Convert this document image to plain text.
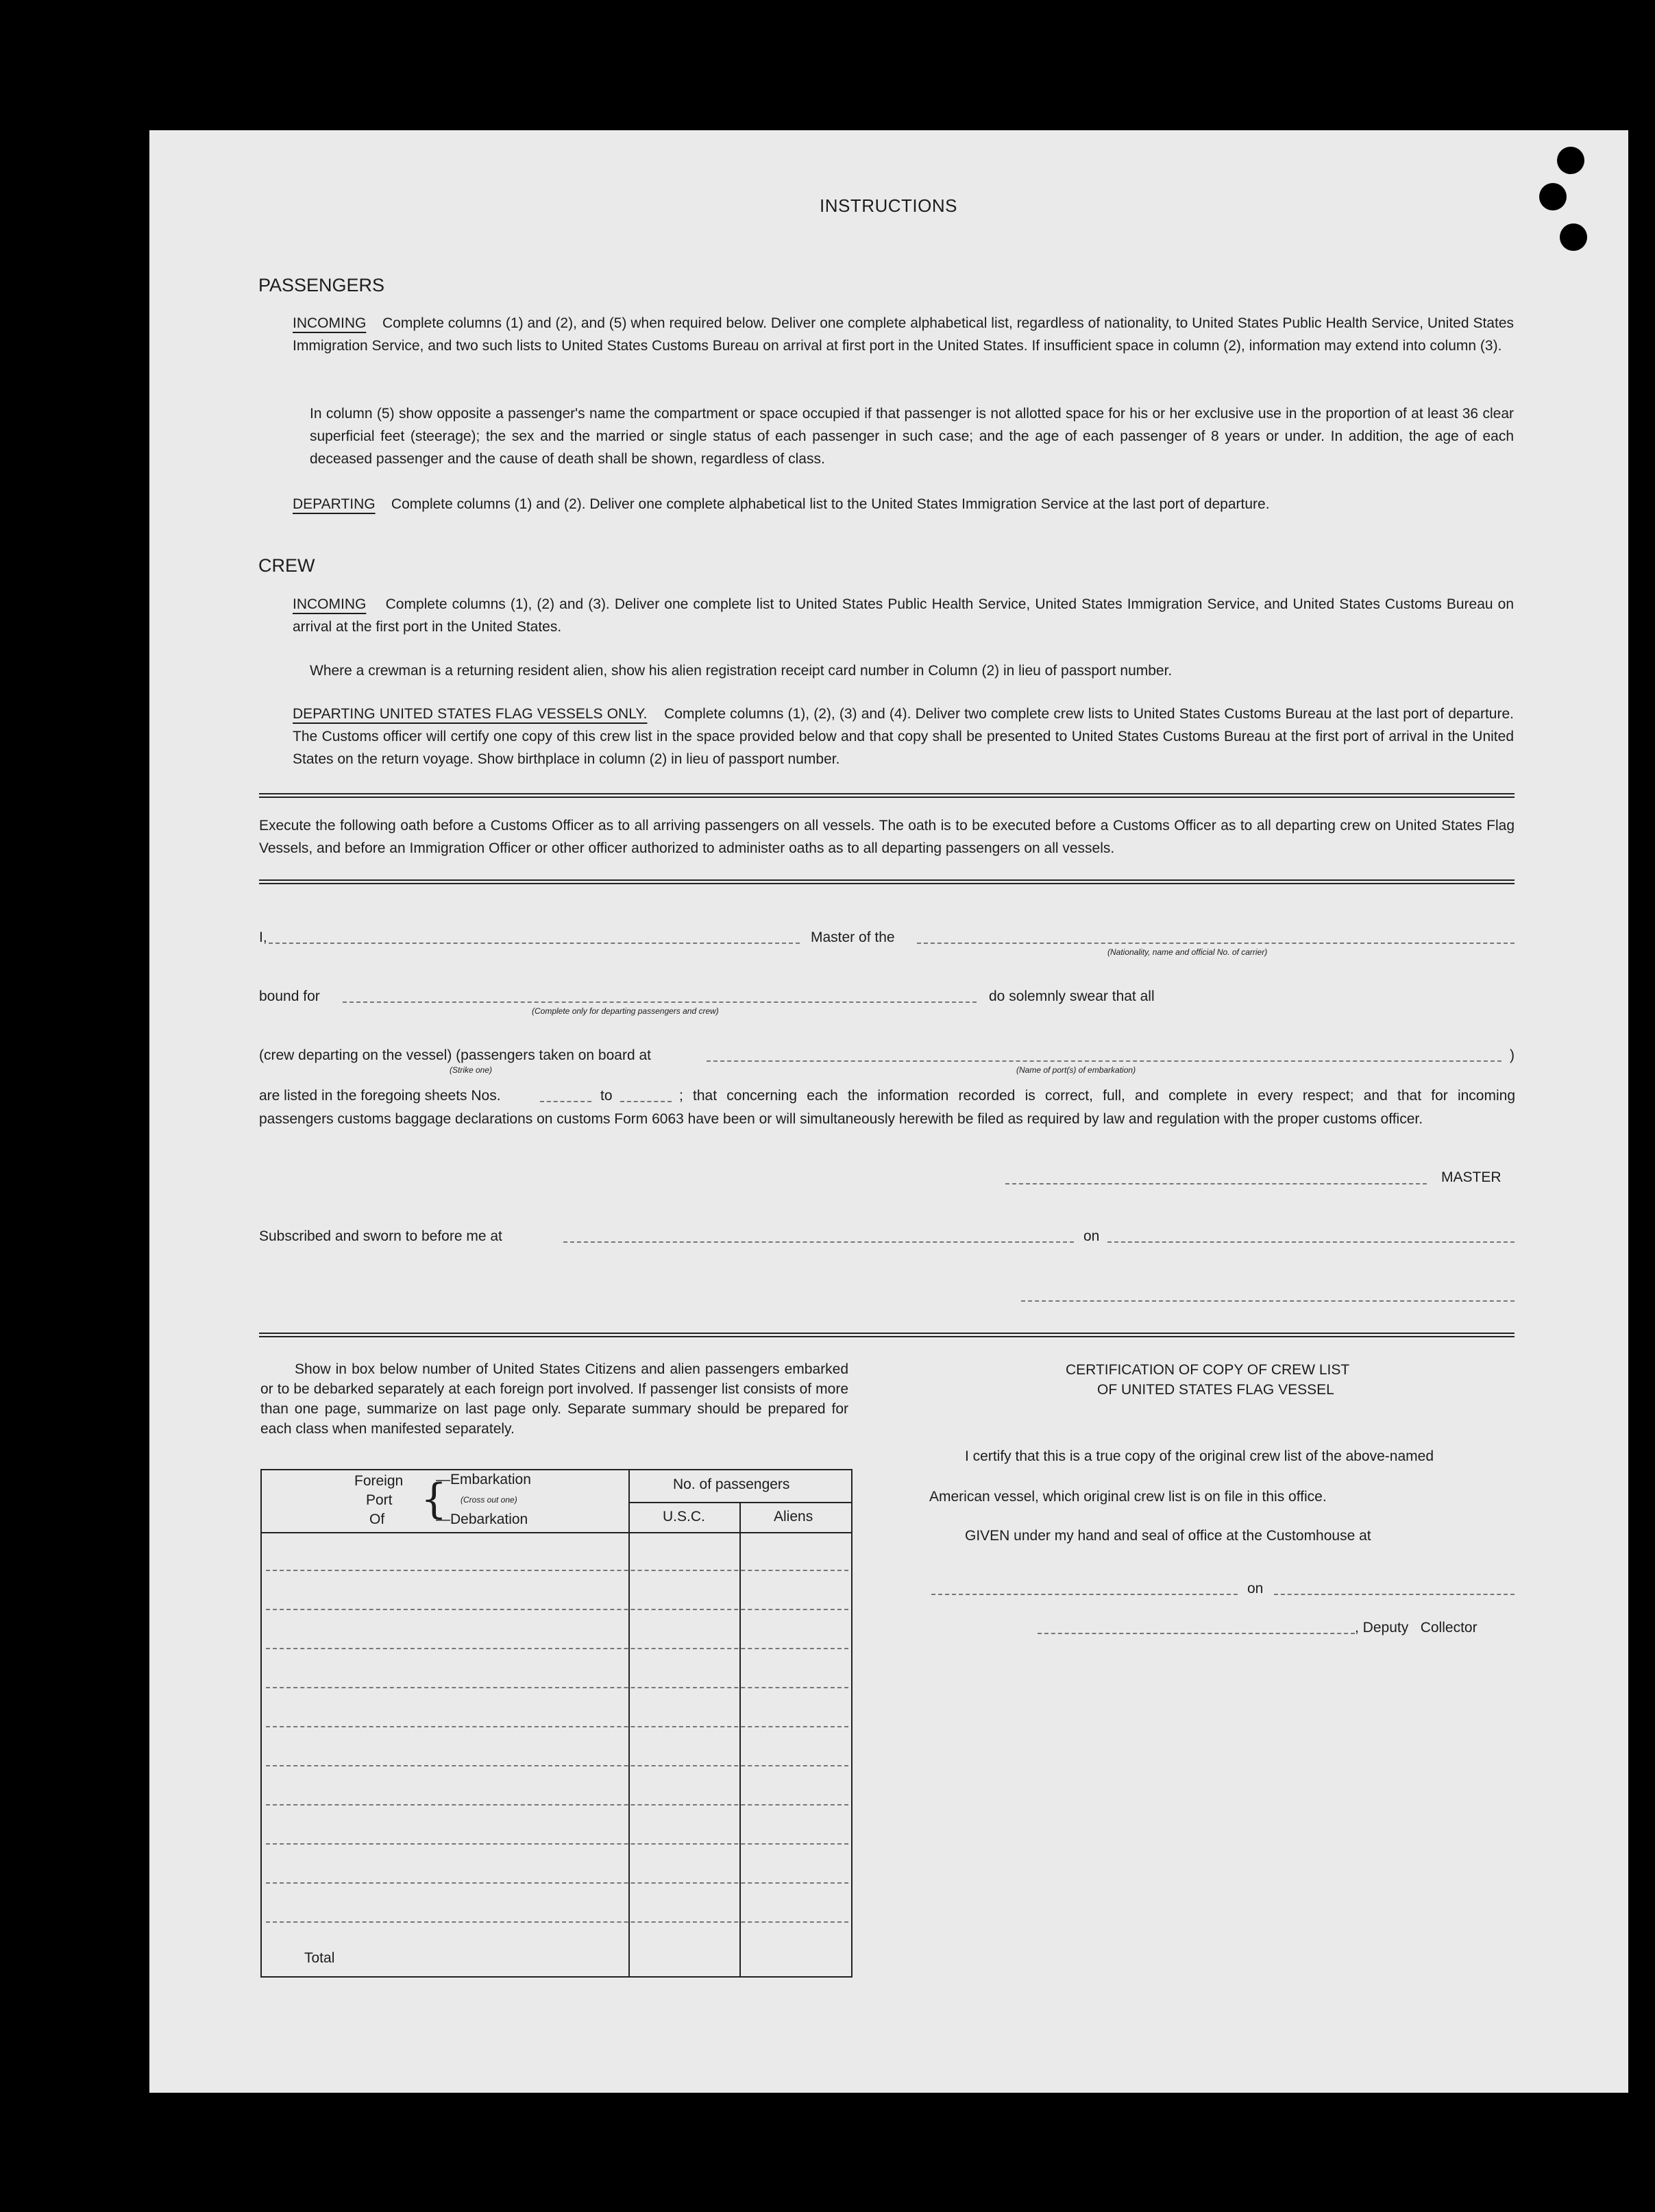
INSTRUCTIONS
PASSENGERS
INCOMING Complete columns (1) and (2), and (5) when required below. Deliver one complete alphabetical list, regardless of nationality, to United States Public Health Service, United States Immigration Service, and two such lists to United States Customs Bureau on arrival at first port in the United States. If insufficient space in column (2), information may extend into column (3).
In column (5) show opposite a passenger's name the compartment or space occupied if that passenger is not allotted space for his or her exclusive use in the proportion of at least 36 clear superficial feet (steerage); the sex and the married or single status of each passenger in such case; and the age of each passenger of 8 years or under. In addition, the age of each deceased passenger and the cause of death shall be shown, regardless of class.
DEPARTING Complete columns (1) and (2). Deliver one complete alphabetical list to the United States Immigration Service at the last port of departure.
CREW
INCOMING Complete columns (1), (2) and (3). Deliver one complete list to United States Public Health Service, United States Immigration Service, and United States Customs Bureau on arrival at the first port in the United States.
Where a crewman is a returning resident alien, show his alien registration receipt card number in Column (2) in lieu of passport number.
DEPARTING UNITED STATES FLAG VESSELS ONLY. Complete columns (1), (2), (3) and (4). Deliver two complete crew lists to United States Customs Bureau at the last port of departure. The Customs officer will certify one copy of this crew list in the space provided below and that copy shall be presented to United States Customs Bureau at the first port of arrival in the United States on the return voyage. Show birthplace in column (2) in lieu of passport number.
Execute the following oath before a Customs Officer as to all arriving passengers on all vessels. The oath is to be executed before a Customs Officer as to all departing crew on United States Flag Vessels, and before an Immigration Officer or other officer authorized to administer oaths as to all departing passengers on all vessels.
I,	Master of the
(Nationality, name and official No. of carrier)
bound for
(Complete only for departing passengers and crew)
do solemnly swear that all
(crew departing on the vessel) (passengers taken on board at	)
(Strike one)	(Name of port(s) of embarkation)
are listed in the foregoing sheets Nos.	to	; that concerning each the information recorded is correct, full, and complete in every respect; and that for incoming
passengers customs baggage declarations on customs Form 6063 have been or will simultaneously herewith be filed as required by law and regulation with the proper customs officer.
MASTER
Subscribed and sworn to before me at	on
Show in box below number of United States Citizens and alien passengers embarked or to be debarked separately at each foreign port involved. If passenger list consists of more than one page, summarize on last page only. Separate summary should be prepared for each class when manifested separately.
Foreign
Port
Of {
—Embarkation
(Cross out one)
—Debarkation
No. of passengers
U.S.C.	Aliens
Total
CERTIFICATION OF COPY OF CREW LIST
OF UNITED STATES FLAG VESSEL
I certify that this is a true copy of the original crew list of the above-named
American vessel, which original crew list is on file in this office.
GIVEN under my hand and seal of office at the Customhouse at
on
, Deputy   Collector
